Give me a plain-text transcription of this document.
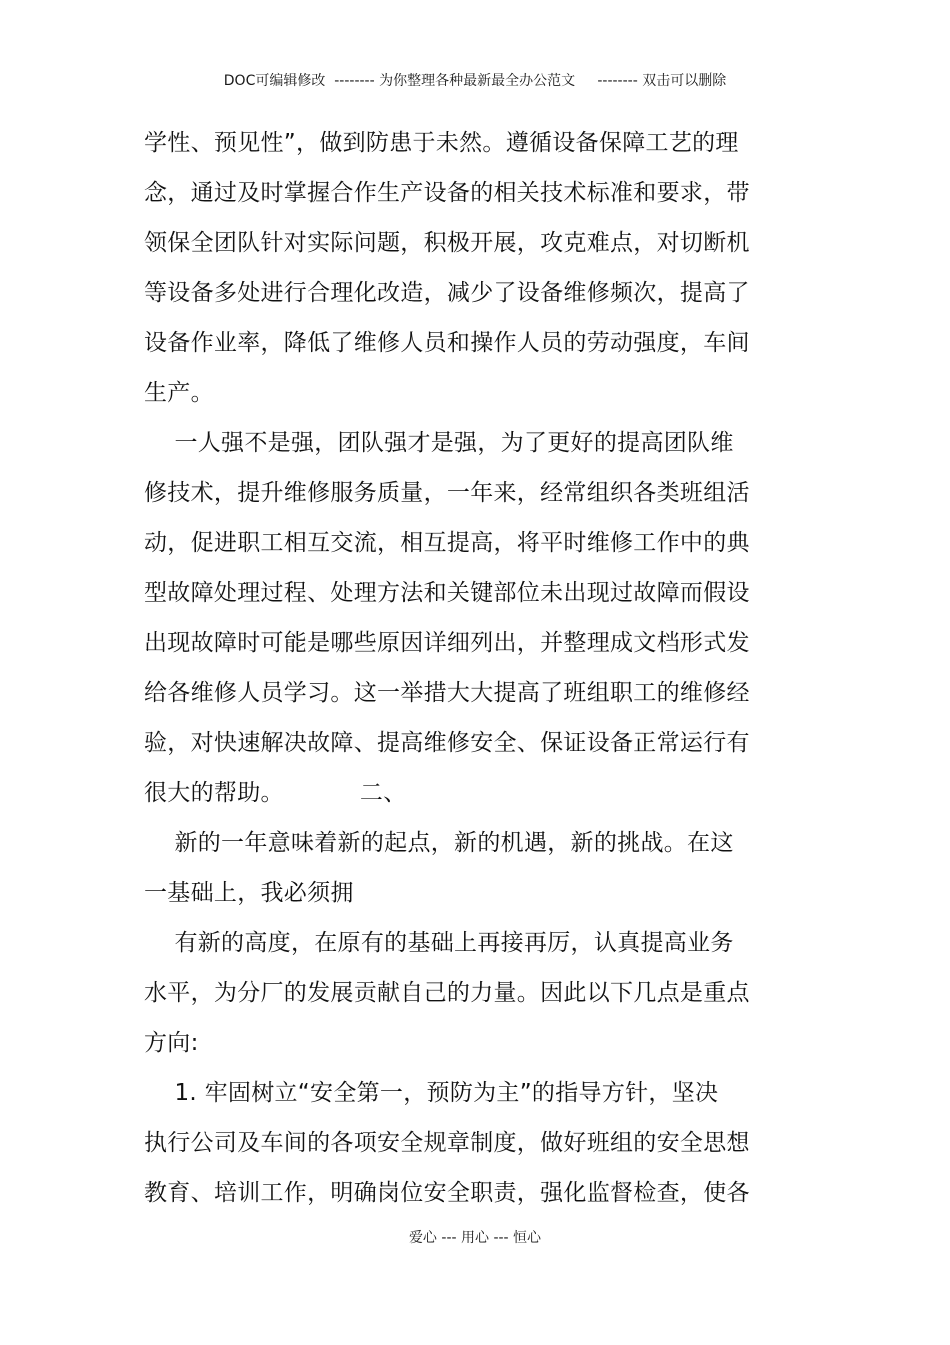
DOC可编辑修改  -------- 为你整理各种最新最全办公范文     -------- 双击可以删除
学性、预见性”，做到防患于未然。遵循设备保障工艺的理
念，通过及时掌握合作生产设备的相关技术标准和要求，带
领保全团队针对实际问题，积极开展，攻克难点，对切断机
等设备多处进行合理化改造，减少了设备维修频次，提高了
设备作业率，降低了维修人员和操作人员的劳动强度，车间
生产。
一人强不是强，团队强才是强，为了更好的提高团队维
修技术，提升维修服务质量，一年来，经常组织各类班组活
动，促进职工相互交流，相互提高，将平时维修工作中的典
型故障处理过程、处理方法和关键部位未出现过故障而假设
出现故障时可能是哪些原因详细列出，并整理成文档形式发
给各维修人员学习。这一举措大大提高了班组职工的维修经
验，对快速解决故障、提高维修安全、保证设备正常运行有
很大的帮助。          二、
新的一年意味着新的起点，新的机遇，新的挑战。在这
一基础上，我必须拥
有新的高度，在原有的基础上再接再厉，认真提高业务
水平，为分厂的发展贡献自己的力量。因此以下几点是重点
方向:
1. 牢固树立“安全第一，预防为主”的指导方针，坚决
执行公司及车间的各项安全规章制度，做好班组的安全思想
教育、培训工作，明确岗位安全职责，强化监督检查，使各
爱心 --- 用心 --- 恒心
